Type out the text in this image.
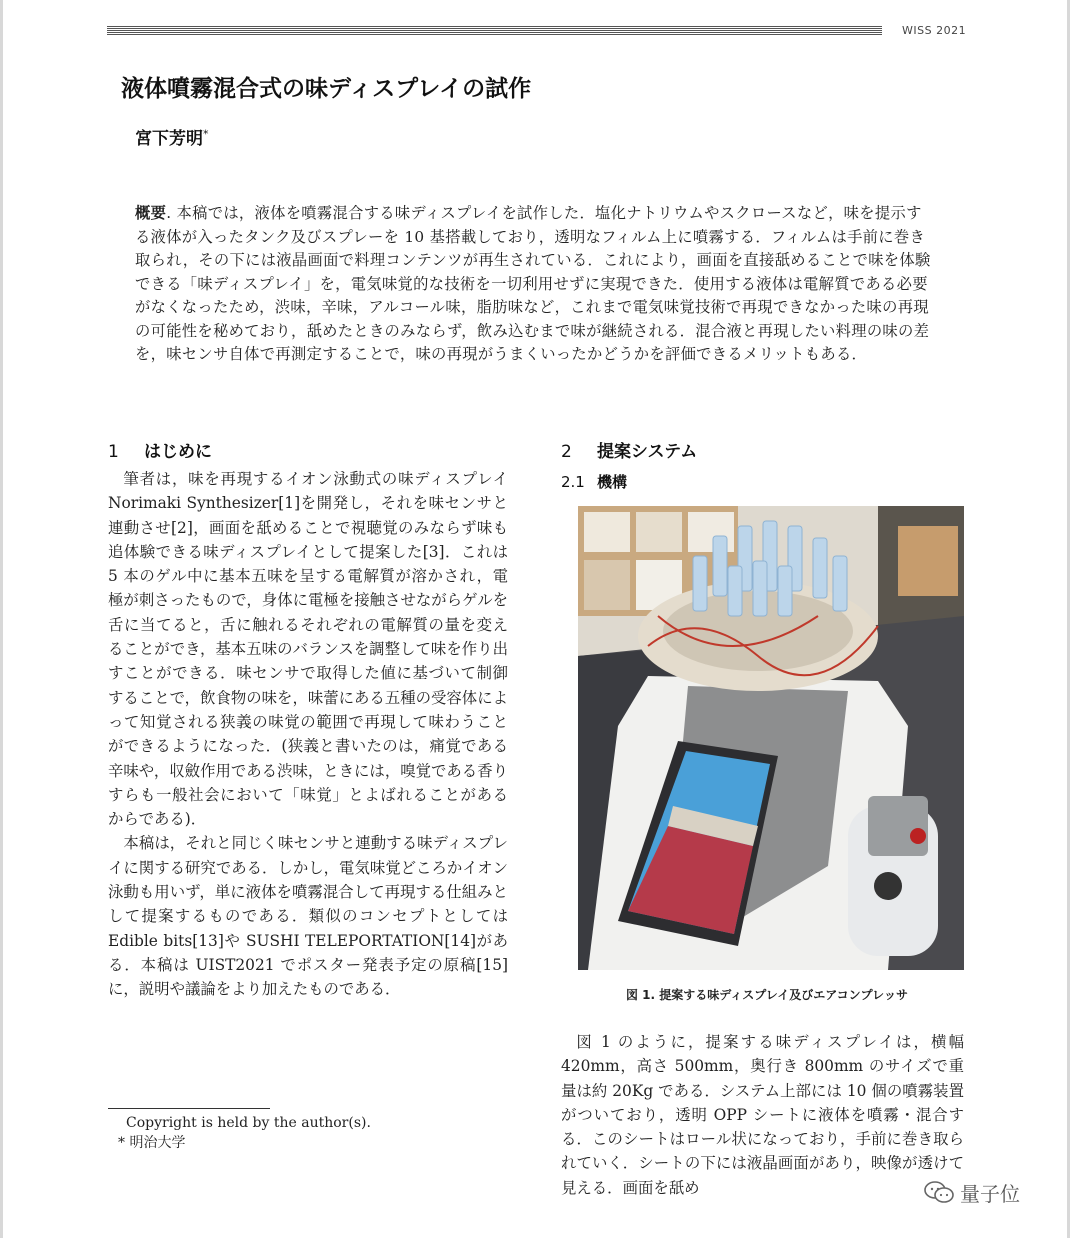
WISS 2021
液体噴霧混合式の味ディスプレイの試作
宮下芳明*
概要. 本稿では，液体を噴霧混合する味ディスプレイを試作した．塩化ナトリウムやスクロースなど，味を提示する液体が入ったタンク及びスプレーを 10 基搭載しており，透明なフィルム上に噴霧する．フィルムは手前に巻き取られ，その下には液晶画面で料理コンテンツが再生されている．これにより，画面を直接舐めることで味を体験できる「味ディスプレイ」を，電気味覚的な技術を一切利用せずに実現できた．使用する液体は電解質である必要がなくなったため，渋味，辛味，アルコール味，脂肪味など，これまで電気味覚技術で再現できなかった味の再現の可能性を秘めており，舐めたときのみならず，飲み込むまで味が継続される．混合液と再現したい料理の味の差を，味センサ自体で再測定することで，味の再現がうまくいったかどうかを評価できるメリットもある．
1 はじめに

筆者は，味を再現するイオン泳動式の味ディスプレイ Norimaki Synthesizer[1]を開発し，それを味センサと連動させ[2]，画面を舐めることで視聴覚のみならず味も追体験できる味ディスプレイとして提案した[3]．これは 5 本のゲル中に基本五味を呈する電解質が溶かされ，電極が刺さったもので，身体に電極を接触させながらゲルを舌に当てると，舌に触れるそれぞれの電解質の量を変えることができ，基本五味のバランスを調整して味を作り出すことができる．味センサで取得した値に基づいて制御することで，飲食物の味を，味蕾にある五種の受容体によって知覚される狭義の味覚の範囲で再現して味わうことができるようになった．(狭義と書いたのは，痛覚である辛味や，収斂作用である渋味，ときには，嗅覚である香りすらも一般社会において「味覚」とよばれることがあるからである)．

本稿は，それと同じく味センサと連動する味ディスプレイに関する研究である．しかし，電気味覚どころかイオン泳動も用いず，単に液体を噴霧混合して再現する仕組みとして提案するものである．類似のコンセプトとしては Edible bits[13]や SUSHI TELEPORTATION[14]がある．本稿は UIST2021 でポスター発表予定の原稿[15]に，説明や議論をより加えたものである．

Copyright is held by the author(s).
* 明治大学
2 提案システム
2.1 機構
図 1. 提案する味ディスプレイ及びエアコンプレッサ

図 1 のように，提案する味ディスプレイは，横幅 420mm，高さ 500mm，奥行き 800mm のサイズで重量は約 20Kg である．システム上部には 10 個の噴霧装置がついており，透明 OPP シートに液体を噴霧・混合する．このシートはロール状になっており，手前に巻き取られていく．シートの下には液晶画面があり，映像が透けて見える．画面を舐め	量子位
